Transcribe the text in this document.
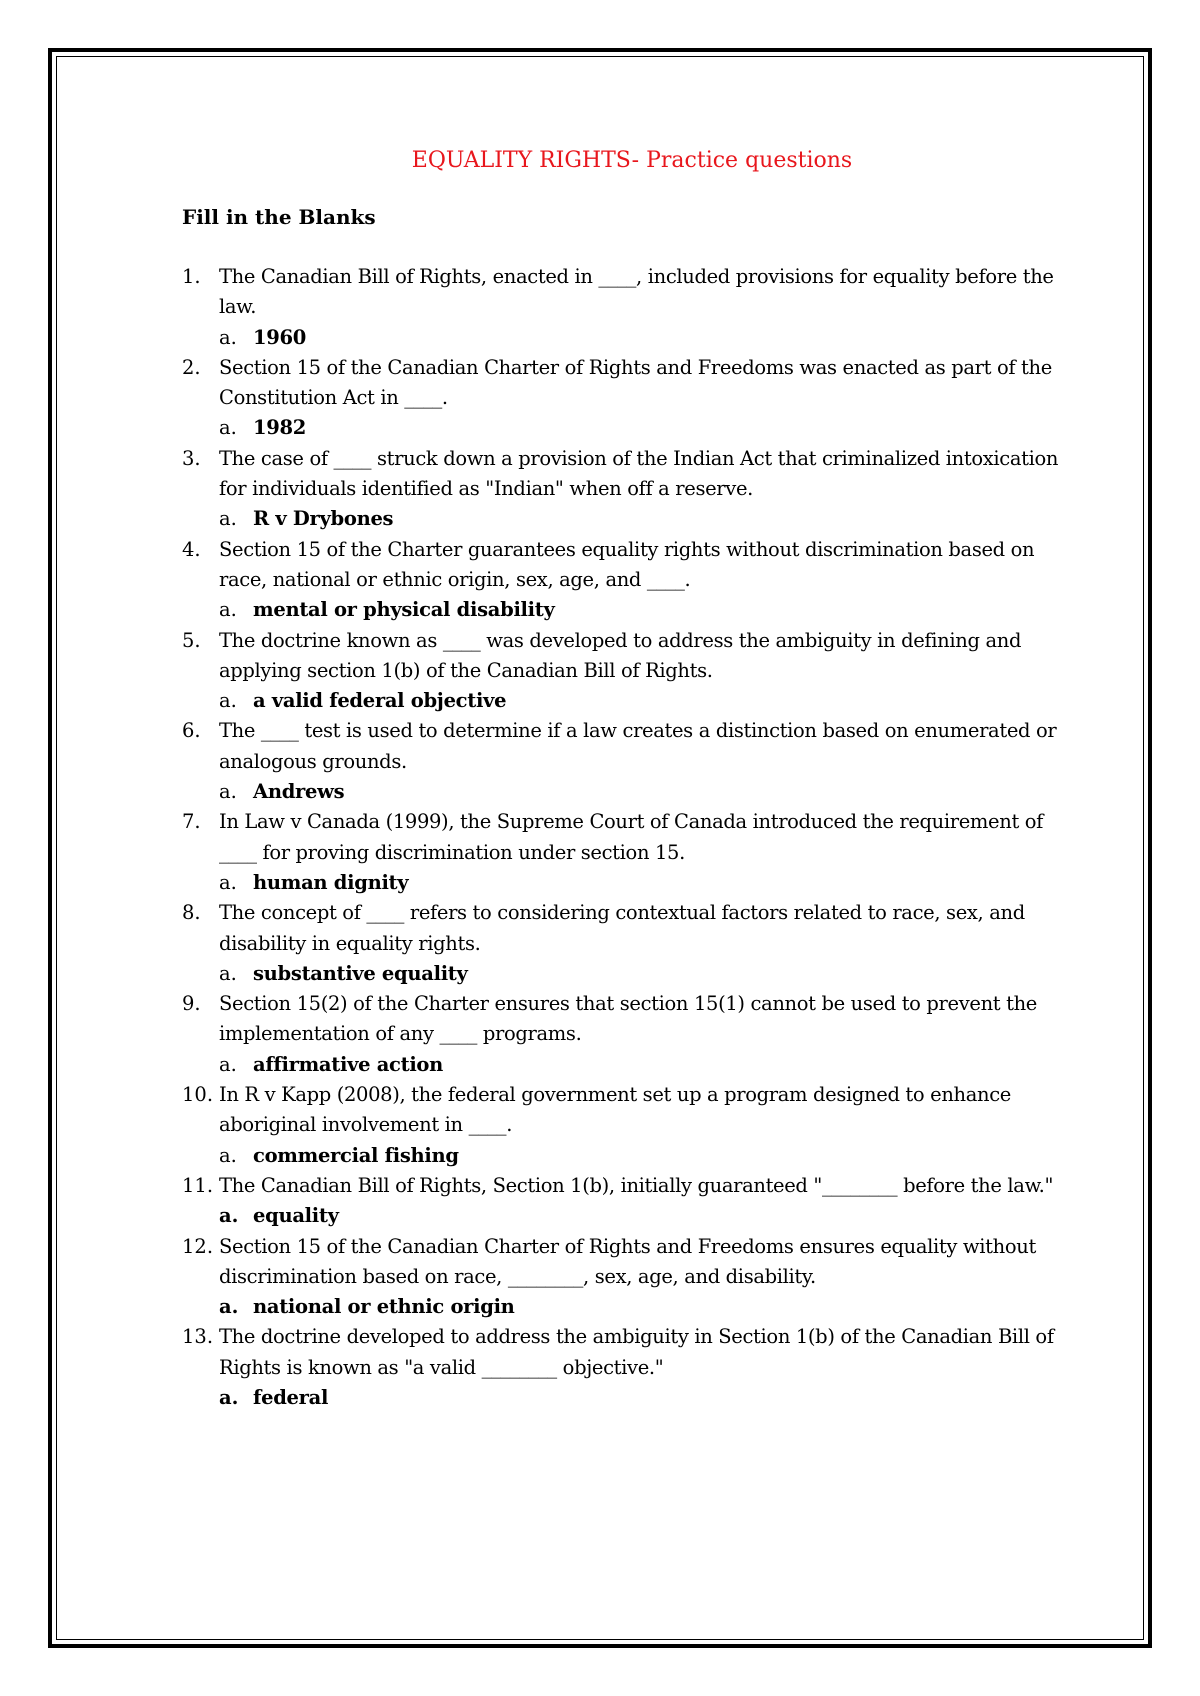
EQUALITY RIGHTS- Practice questions
Fill in the Blanks
1. The Canadian Bill of Rights, enacted in ____, included provisions for equality before the law.
a. 1960
2. Section 15 of the Canadian Charter of Rights and Freedoms was enacted as part of the Constitution Act in ____.
a. 1982
3. The case of ____ struck down a provision of the Indian Act that criminalized intoxication for individuals identified as "Indian" when off a reserve.
a. R v Drybones
4. Section 15 of the Charter guarantees equality rights without discrimination based on race, national or ethnic origin, sex, age, and ____.
a. mental or physical disability
5. The doctrine known as ____ was developed to address the ambiguity in defining and applying section 1(b) of the Canadian Bill of Rights.
a. a valid federal objective
6. The ____ test is used to determine if a law creates a distinction based on enumerated or analogous grounds.
a. Andrews
7. In Law v Canada (1999), the Supreme Court of Canada introduced the requirement of ____ for proving discrimination under section 15.
a. human dignity
8. The concept of ____ refers to considering contextual factors related to race, sex, and disability in equality rights.
a. substantive equality
9. Section 15(2) of the Charter ensures that section 15(1) cannot be used to prevent the implementation of any ____ programs.
a. affirmative action
10. In R v Kapp (2008), the federal government set up a program designed to enhance aboriginal involvement in ____.
a. commercial fishing
11. The Canadian Bill of Rights, Section 1(b), initially guaranteed "________ before the law."
a. equality
12. Section 15 of the Canadian Charter of Rights and Freedoms ensures equality without discrimination based on race, ________, sex, age, and disability.
a. national or ethnic origin
13. The doctrine developed to address the ambiguity in Section 1(b) of the Canadian Bill of Rights is known as "a valid ________ objective."
a. federal
